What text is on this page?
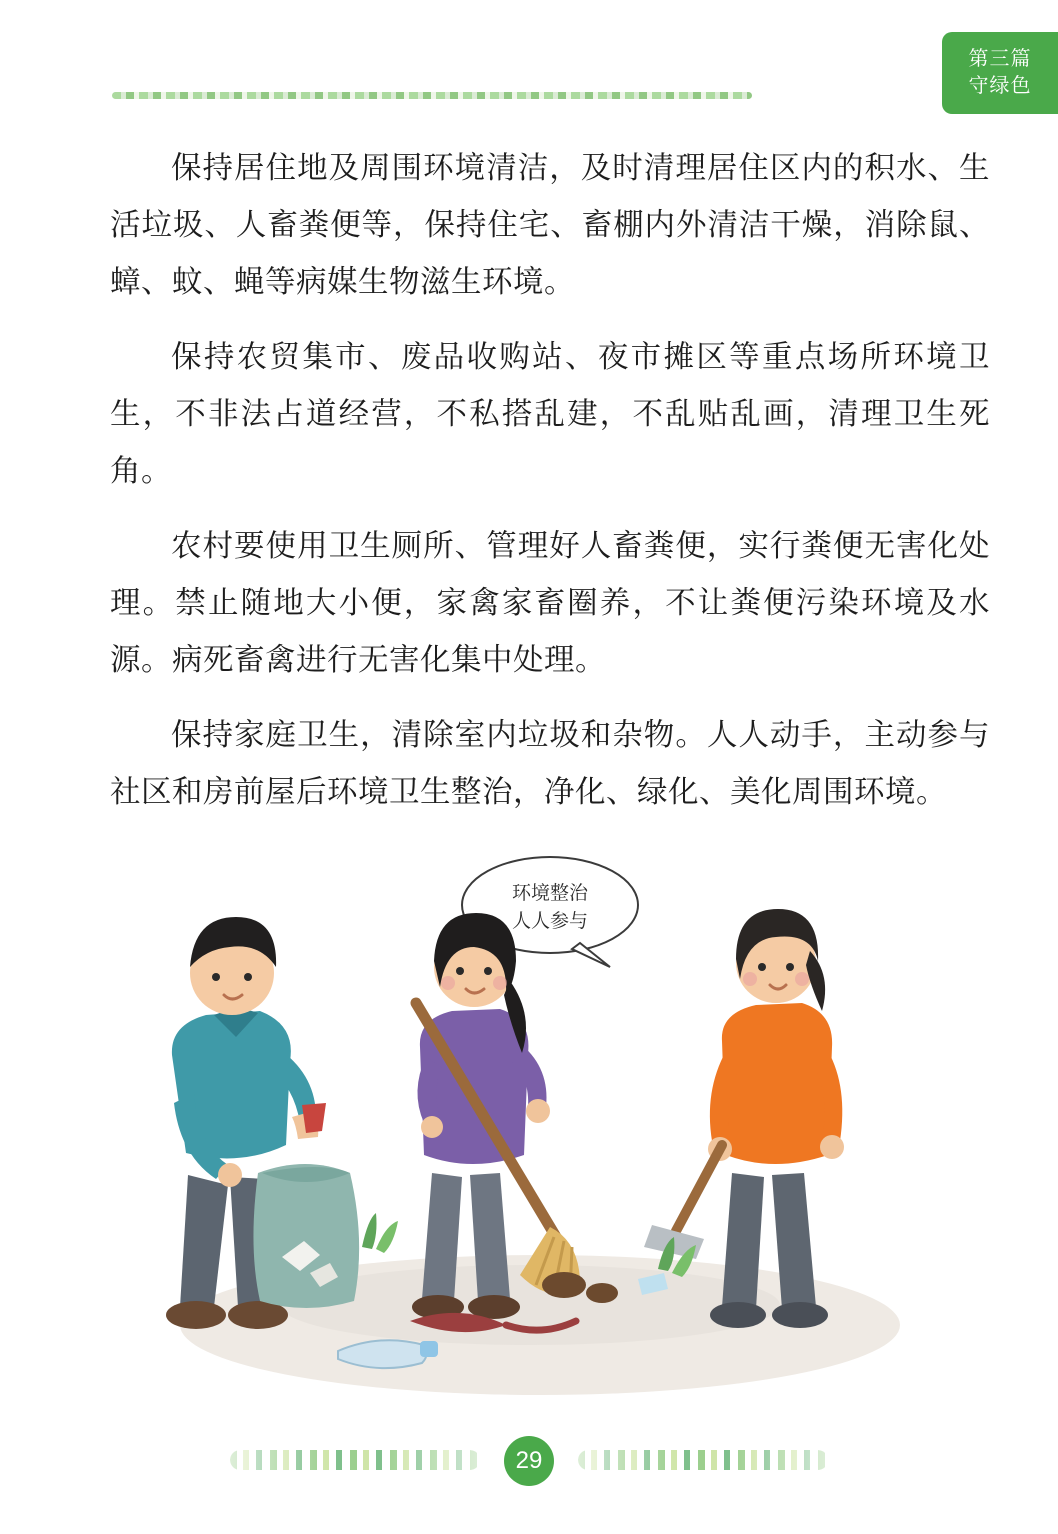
第三篇
守绿色

保持居住地及周围环境清洁，及时清理居住区内的积水、生活垃圾、人畜粪便等，保持住宅、畜棚内外清洁干燥，消除鼠、蟑、蚊、蝇等病媒生物滋生环境。

保持农贸集市、废品收购站、夜市摊区等重点场所环境卫生，不非法占道经营，不私搭乱建，不乱贴乱画，清理卫生死角。

农村要使用卫生厕所、管理好人畜粪便，实行粪便无害化处理。禁止随地大小便，家禽家畜圈养，不让粪便污染环境及水源。病死畜禽进行无害化集中处理。

保持家庭卫生，清除室内垃圾和杂物。人人动手，主动参与社区和房前屋后环境卫生整治，净化、绿化、美化周围环境。

环境整治
人人参与
29
